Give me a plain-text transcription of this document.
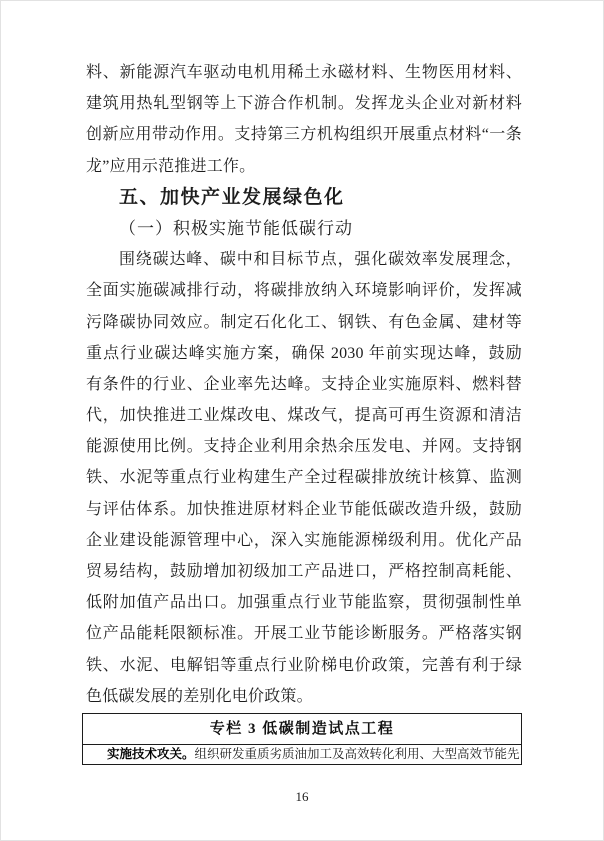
料、新能源汽车驱动电机用稀土永磁材料、生物医用材料、
建筑用热轧型钢等上下游合作机制。发挥龙头企业对新材料
创新应用带动作用。支持第三方机构组织开展重点材料“一条
龙”应用示范推进工作。
五、加快产业发展绿色化
（一）积极实施节能低碳行动
围绕碳达峰、碳中和目标节点，强化碳效率发展理念，
全面实施碳减排行动，将碳排放纳入环境影响评价，发挥减
污降碳协同效应。制定石化化工、钢铁、有色金属、建材等
重点行业碳达峰实施方案，确保 2030 年前实现达峰，鼓励
有条件的行业、企业率先达峰。支持企业实施原料、燃料替
代，加快推进工业煤改电、煤改气，提高可再生资源和清洁
能源使用比例。支持企业利用余热余压发电、并网。支持钢
铁、水泥等重点行业构建生产全过程碳排放统计核算、监测
与评估体系。加快推进原材料企业节能低碳改造升级，鼓励
企业建设能源管理中心，深入实施能源梯级利用。优化产品
贸易结构，鼓励增加初级加工产品进口，严格控制高耗能、
低附加值产品出口。加强重点行业节能监察，贯彻强制性单
位产品能耗限额标准。开展工业节能诊断服务。严格落实钢
铁、水泥、电解铝等重点行业阶梯电价政策，完善有利于绿
色低碳发展的差别化电价政策。
专栏 3 低碳制造试点工程
实施技术攻关。组织研发重质劣质油加工及高效转化利用、大型高效节能先
16
